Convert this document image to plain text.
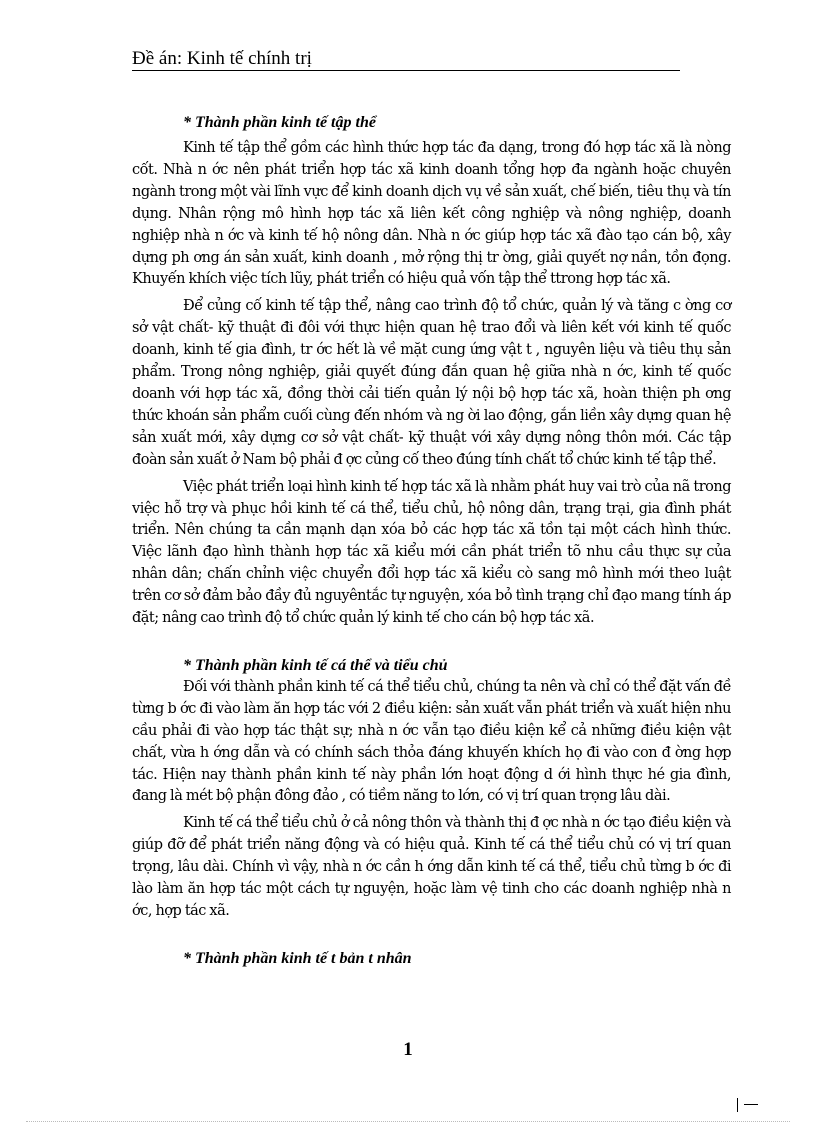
Đề án: Kinh tế chính trị

* Thành phần kinh tế tập thể

Kinh tế tập thể gồm các hình thức hợp tác đa dạng, trong đó hợp tác xã là nòng cốt. Nhà n ớc nên phát triển hợp tác xã kinh doanh tổng hợp đa ngành hoặc chuyên ngành trong một vài lĩnh vực để kinh doanh dịch vụ về sản xuất, chế biến, tiêu thụ và tín dụng. Nhân rộng mô hình hợp tác xã liên kết công nghiệp và nông nghiệp, doanh nghiệp nhà n ớc và kinh tế hộ nông dân. Nhà n ớc giúp hợp tác xã đào tạo cán bộ, xây dựng ph ơng án sản xuất, kinh doanh , mở rộng thị tr ờng, giải quyết nợ nần, tồn đọng. Khuyến khích việc tích lũy, phát triển có hiệu quả vốn tập thể ttrong hợp tác xã.

Để củng cố kinh tế tập thể, nâng cao trình độ tổ chức, quản lý và tăng c ờng cơ sở vật chất- kỹ thuật đi đôi với thực hiện quan hệ trao đổi và liên kết với kinh tế quốc doanh, kinh tế gia đình, tr ớc hết là về mặt cung ứng vật t , nguyên liệu và tiêu thụ sản phẩm. Trong nông nghiệp, giải quyết đúng đắn quan hệ giữa nhà n ớc, kinh tế quốc doanh với hợp tác xã, đồng thời cải tiến quản lý nội bộ hợp tác xã, hoàn thiện ph ơng thức khoán sản phẩm cuối cùng đến nhóm và ng ời lao động, gắn liền xây dựng quan hệ sản xuất mới, xây dựng cơ sở vật chất- kỹ thuật với xây dựng nông thôn mới. Các tập đoàn sản xuất ở Nam bộ phải đ ợc củng cố theo đúng tính chất tổ chức kinh tế tập thể.

Việc phát triển loại hình kinh tế hợp tác xã là nhằm phát huy vai trò của nã trong việc hỗ trợ và phục hồi kinh tế cá thể, tiểu chủ, hộ nông dân, trạng trại, gia đình phát triển. Nên chúng ta cần mạnh dạn xóa bỏ các hợp tác xã tồn tại một cách hình thức. Việc lãnh đạo hình thành hợp tác xã kiểu mới cần phát triển tõ nhu cầu thực sự của nhân dân; chấn chỉnh việc chuyển đổi hợp tác xã kiểu cò sang mô hình mới theo luật trên cơ sở đảm bảo đầy đủ nguyêntắc tự nguyện, xóa bỏ tình trạng chỉ đạo mang tính áp đặt; nâng cao trình độ tổ chức quản lý kinh tế cho cán bộ hợp tác xã.

* Thành phần kinh tế cá thể và tiểu chủ

Đối với thành phần kinh tế cá thể tiểu chủ, chúng ta nên và chỉ có thể đặt vấn đề từng b ớc đi vào làm ăn hợp tác với 2 điều kiện: sản xuất vẫn phát triển và xuất hiện nhu cầu phải đi vào hợp tác thật sự; nhà n ớc vẫn tạo điều kiện kể cả những điều kiện vật chất, vừa h ớng dẫn và có chính sách thỏa đáng khuyến khích họ đi vào con đ ờng hợp tác. Hiện nay thành phần kinh tế này phần lớn hoạt động d ới hình thực hé gia đình, đang là mét bộ phận đông đảo , có tiềm năng to lớn, có vị trí quan trọng lâu dài.

Kinh tế cá thể tiểu chủ ở cả nông thôn và thành thị đ ợc nhà n ớc tạo điều kiện và giúp đỡ để phát triển năng động và có hiệu quả. Kinh tế cá thể tiểu chủ có vị trí quan trọng, lâu dài. Chính vì vậy, nhà n ớc cần h ớng dẫn kinh tế cá thể, tiểu chủ từng b ớc đi lào làm ăn hợp tác một cách tự nguyện, hoặc làm vệ tinh cho các doanh nghiệp nhà n ớc, hợp tác xã.

* Thành phần kinh tế t bản t nhân

1
